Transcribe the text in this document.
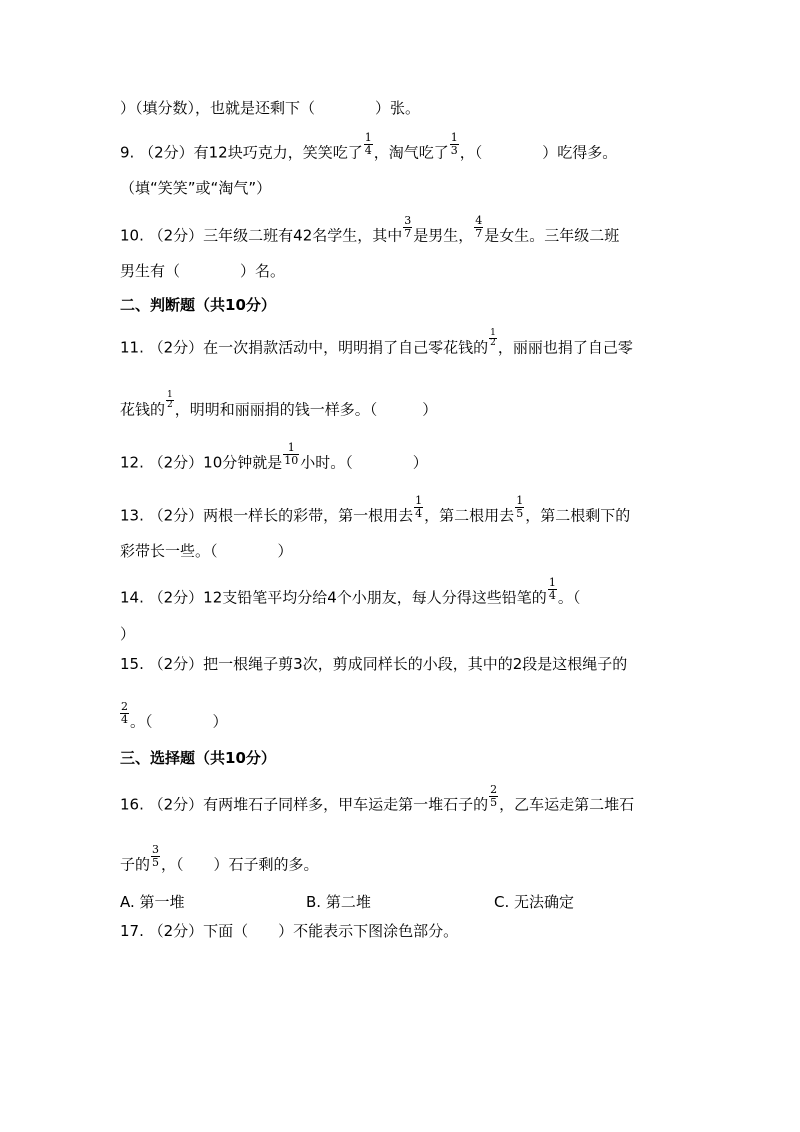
）（填分数），也就是还剩下（　　　　）张。
9. （2分）有12块巧克力，笑笑吃了 $\frac{1}{4}$ ，淘气吃了 $\frac{1}{3}$ ，（　　　　）吃得多。
（填“笑笑”或“淘气”）
10. （2分）三年级二班有42名学生，其中 $\frac{3}{7}$ 是男生， $\frac{4}{7}$ 是女生。三年级二班
男生有（　　　　）名。
二、判断题（共10分）
11. （2分）在一次捐款活动中，明明捐了自己零花钱的 $\frac{1}{2}$ ，丽丽也捐了自己零
花钱的 $\frac{1}{2}$ ，明明和丽丽捐的钱一样多。（　　　）
12. （2分）10分钟就是 $\frac{1}{10}$ 小时。（　　　　）
13. （2分）两根一样长的彩带，第一根用去 $\frac{1}{4}$ ，第二根用去 $\frac{1}{5}$ ，第二根剩下的
彩带长一些。（　　　　）
14. （2分）12支铅笔平均分给4个小朋友，每人分得这些铅笔的 $\frac{1}{4}$ 。（
）
15. （2分）把一根绳子剪3次，剪成同样长的小段，其中的2段是这根绳子的
$\frac{2}{4}$ 。（　　　　）
三、选择题（共10分）
16. （2分）有两堆石子同样多，甲车运走第一堆石子的 $\frac{2}{5}$ ，乙车运走第二堆石
子的 $\frac{3}{5}$ ，（　　）石子剩的多。
A. 第一堆	B. 第二堆	C. 无法确定
17. （2分）下面（　　）不能表示下图涂色部分。
